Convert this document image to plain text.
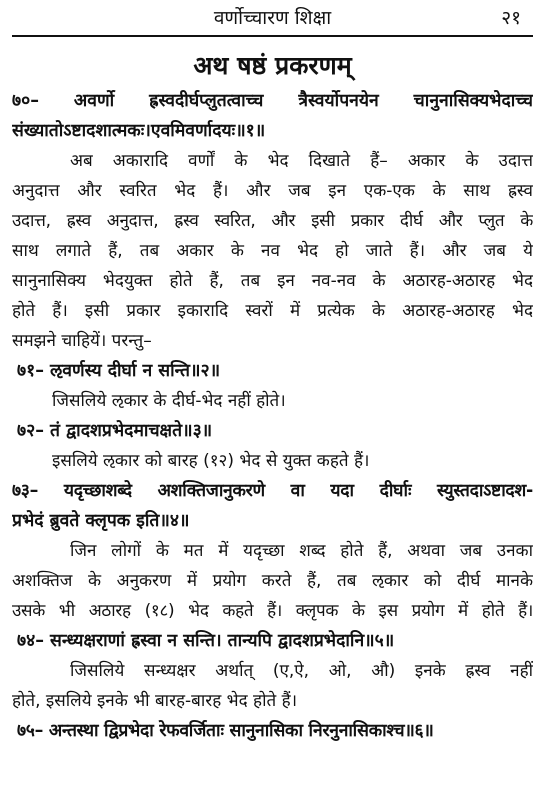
वर्णोच्चारण शिक्षा	२१
अथ षष्ठं प्रकरणम्
७०– अवर्णो ह्रस्वदीर्घप्लुतत्वाच्च त्रैस्वर्योपनयेन चानुनासिक्यभेदाच्च
संख्यातोऽष्टादशात्मकः।एवमिवर्णादयः॥१॥
अब अकारादि वर्णों के भेद दिखाते हैं– अकार के उदात्त
अनुदात्त और स्वरित भेद हैं। और जब इन एक-एक के साथ ह्रस्व
उदात्त, ह्रस्व अनुदात्त, ह्रस्व स्वरित, और इसी प्रकार दीर्घ और प्लुत के
साथ लगाते हैं, तब अकार के नव भेद हो जाते हैं। और जब ये
सानुनासिक्य भेदयुक्त होते हैं, तब इन नव-नव के अठारह-अठारह भेद
होते हैं। इसी प्रकार इकारादि स्वरों में प्रत्येक के अठारह-अठारह भेद
समझने चाहियें। परन्तु–
७१– ऌवर्णस्य दीर्घा न सन्ति॥२॥
जिसलिये ऌकार के दीर्घ-भेद नहीं होते।
७२– तं द्वादशप्रभेदमाचक्षते॥३॥
इसलिये ऌकार को बारह (१२) भेद से युक्त कहते हैं।
७३– यदृच्छाशब्दे अशक्तिजानुकरणे वा यदा दीर्घाः स्युस्तदाऽष्टादश-
प्रभेदं ब्रुवते क्लृपक इति॥४॥
जिन लोगों के मत में यदृच्छा शब्द होते हैं, अथवा जब उनका
अशक्तिज के अनुकरण में प्रयोग करते हैं, तब ऌकार को दीर्घ मानके
उसके भी अठारह (१८) भेद कहते हैं। क्लृपक के इस प्रयोग में होते हैं।
७४– सन्ध्यक्षराणां ह्रस्वा न सन्ति। तान्यपि द्वादशप्रभेदानि॥५॥
जिसलिये सन्ध्यक्षर अर्थात् (ए,ऐ, ओ, औ) इनके ह्रस्व नहीं
होते, इसलिये इनके भी बारह-बारह भेद होते हैं।
७५– अन्तस्था द्विप्रभेदा रेफवर्जिताः सानुनासिका निरनुनासिकाश्च॥६॥
